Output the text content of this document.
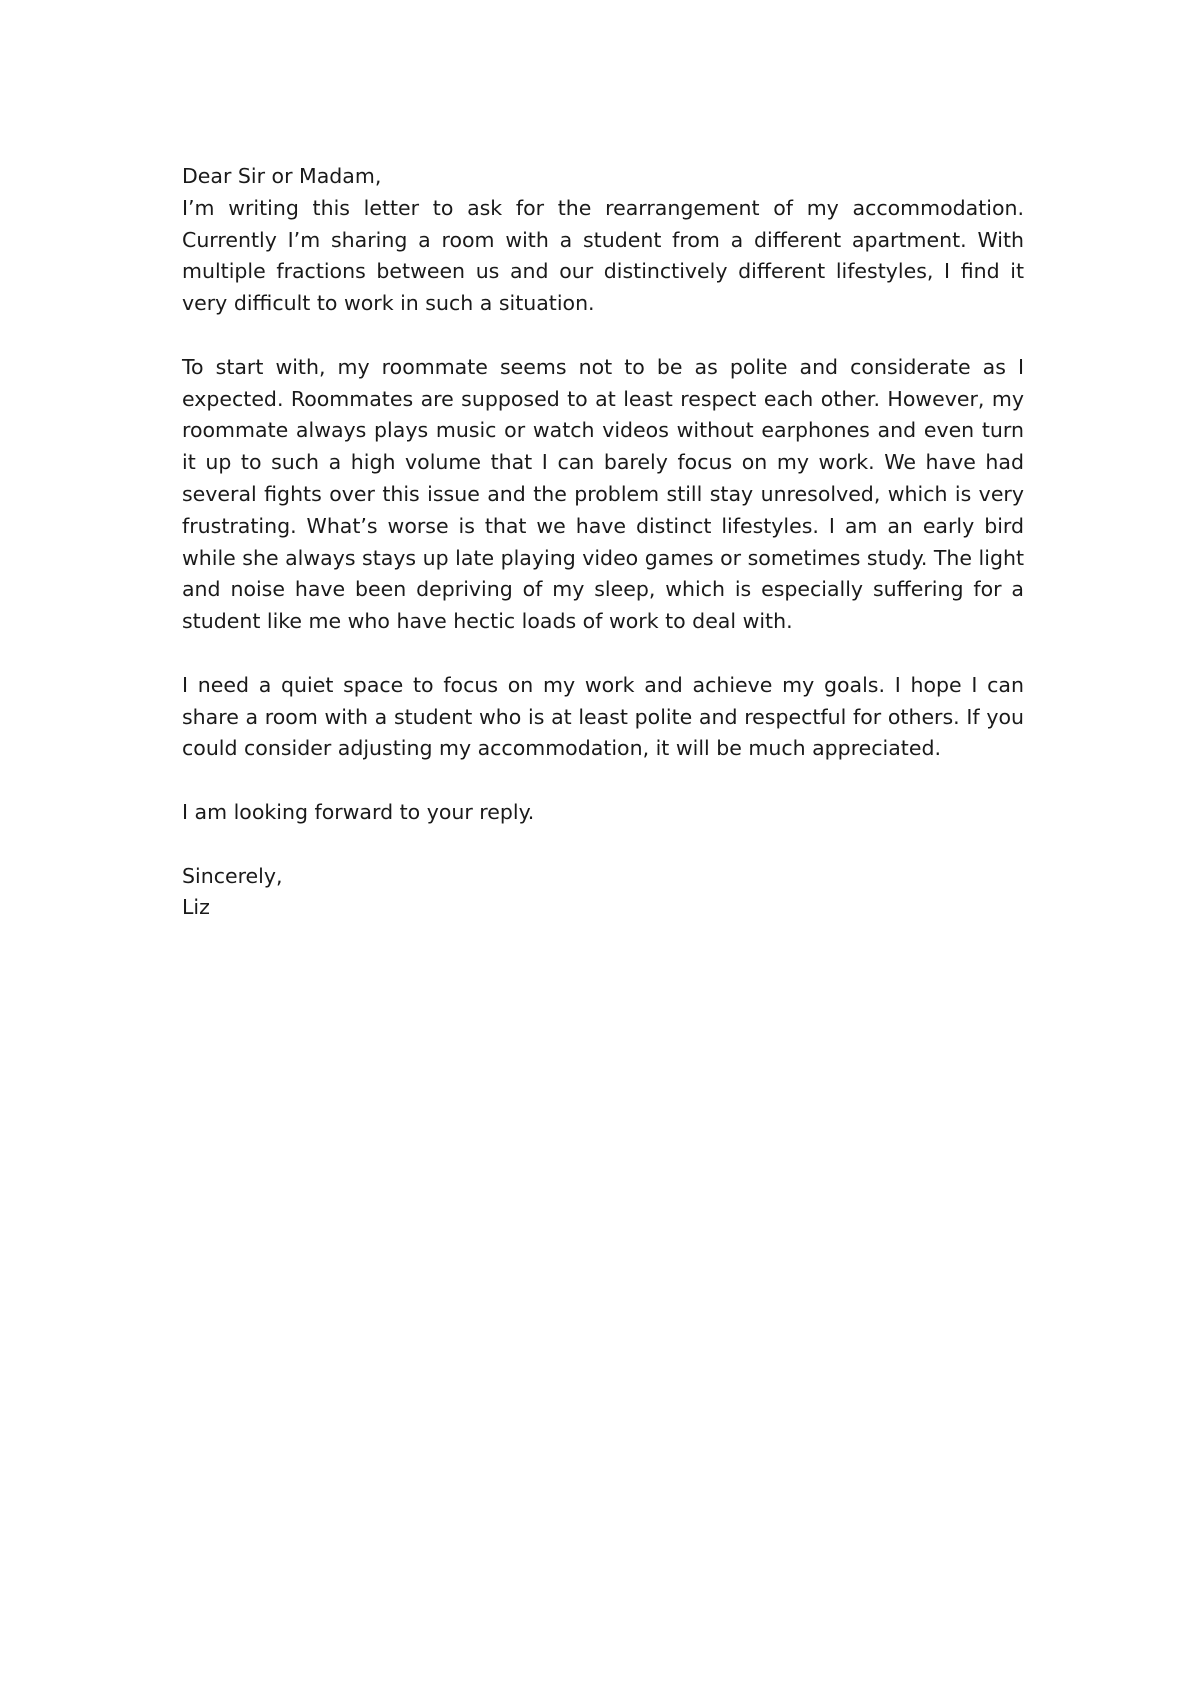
Dear Sir or Madam,

I’m writing this letter to ask for the rearrangement of my accommodation. Currently I’m sharing a room with a student from a different apartment. With multiple fractions between us and our distinctively different lifestyles, I find it very difficult to work in such a situation.

To start with, my roommate seems not to be as polite and considerate as I expected. Roommates are supposed to at least respect each other. However, my roommate always plays music or watch videos without earphones and even turn it up to such a high volume that I can barely focus on my work. We have had several fights over this issue and the problem still stay unresolved, which is very frustrating. What’s worse is that we have distinct lifestyles. I am an early bird while she always stays up late playing video games or sometimes study. The light and noise have been depriving of my sleep, which is especially suffering for a student like me who have hectic loads of work to deal with.

I need a quiet space to focus on my work and achieve my goals. I hope I can share a room with a student who is at least polite and respectful for others. If you could consider adjusting my accommodation, it will be much appreciated.

I am looking forward to your reply.

Sincerely,

Liz
